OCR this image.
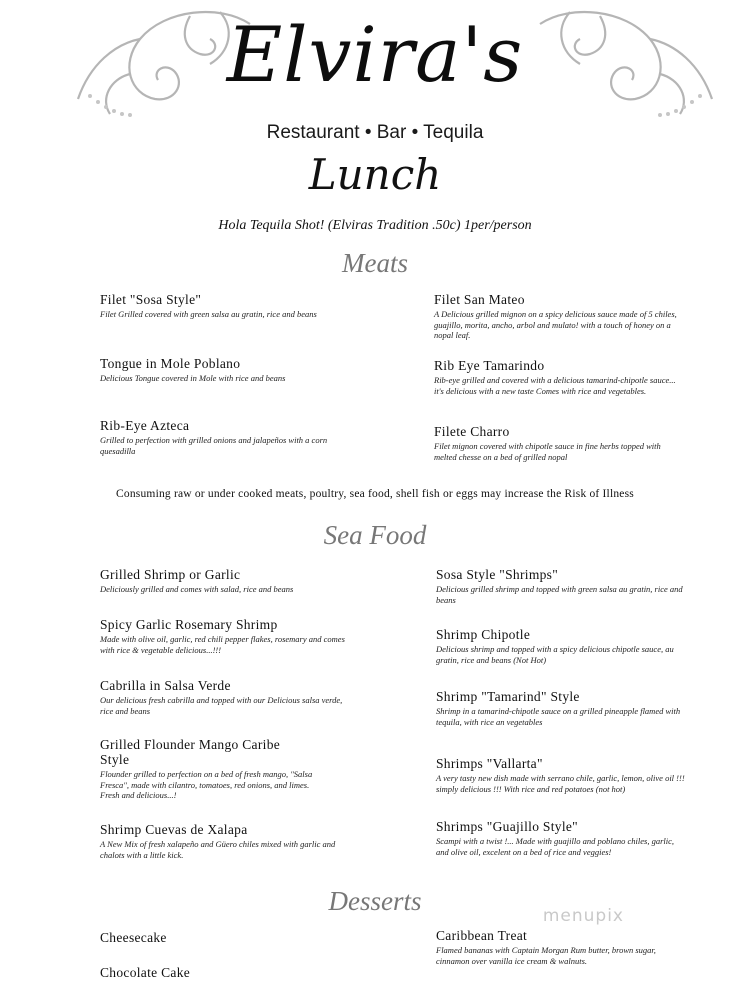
Elvira's
Restaurant • Bar • Tequila
Lunch
Hola Tequila Shot! (Elviras Tradition .50c) 1per/person
Meats
Filet "Sosa Style"
Filet Grilled covered with green salsa au gratin, rice and beans
Tongue in Mole Poblano
Delicious Tongue covered in Mole with rice and beans
Rib-Eye Azteca
Grilled to perfection with grilled onions and jalapeños with a corn quesadilla
Filet San Mateo
A Delicious grilled mignon on a spicy delicious sauce made of 5 chiles, guajillo, morita, ancho, arbol and mulato! with a touch of honey on a nopal leaf.
Rib Eye Tamarindo
Rib-eye grilled and covered with a delicious tamarind-chipotle sauce... it's delicious with a new taste Comes with rice and vegetables.
Filete Charro
Filet mignon covered with chipotle sauce in fine herbs topped with melted chesse on a bed of grilled nopal
Consuming raw or under cooked meats, poultry, sea food, shell fish or eggs may increase the Risk of Illness
Sea Food
Grilled Shrimp or Garlic
Deliciously grilled and comes with salad, rice and beans
Spicy Garlic Rosemary Shrimp
Made with olive oil, garlic, red chili pepper flakes, rosemary and comes with rice & vegetable delicious...!!!
Cabrilla in Salsa Verde
Our delicious fresh cabrilla and topped with our Delicious salsa verde, rice and beans
Grilled Flounder Mango Caribe Style
Flounder grilled to perfection on a bed of fresh mango, "Salsa Fresca", made with cilantro, tomatoes, red onions, and limes. Fresh and delicious...!
Shrimp Cuevas de Xalapa
A New Mix of fresh xalapeño and Güero chiles mixed with garlic and chalots with a little kick.
Sosa Style "Shrimps"
Delicious grilled shrimp and topped with green salsa au gratin, rice and beans
Shrimp Chipotle
Delicious shrimp and topped with a spicy delicious chipotle sauce, au gratin, rice and beans (Not Hot)
Shrimp "Tamarind" Style
Shrimp in a tamarind-chipotle sauce on a grilled pineapple flamed with tequila, with rice an vegetables
Shrimps "Vallarta"
A very tasty new dish made with serrano chile, garlic, lemon, olive oil !!! simply delicious !!! With rice and red potatoes (not hot)
Shrimps "Guajillo Style"
Scampi with a twist !... Made with guajillo and poblano chiles, garlic, and olive oil, excelent on a bed of rice and veggies!
Desserts
Cheesecake
Chocolate Cake
Caribbean Treat
Flamed bananas with Captain Morgan Rum butter, brown sugar, cinnamon over vanilla ice cream & walnuts.
menupix
